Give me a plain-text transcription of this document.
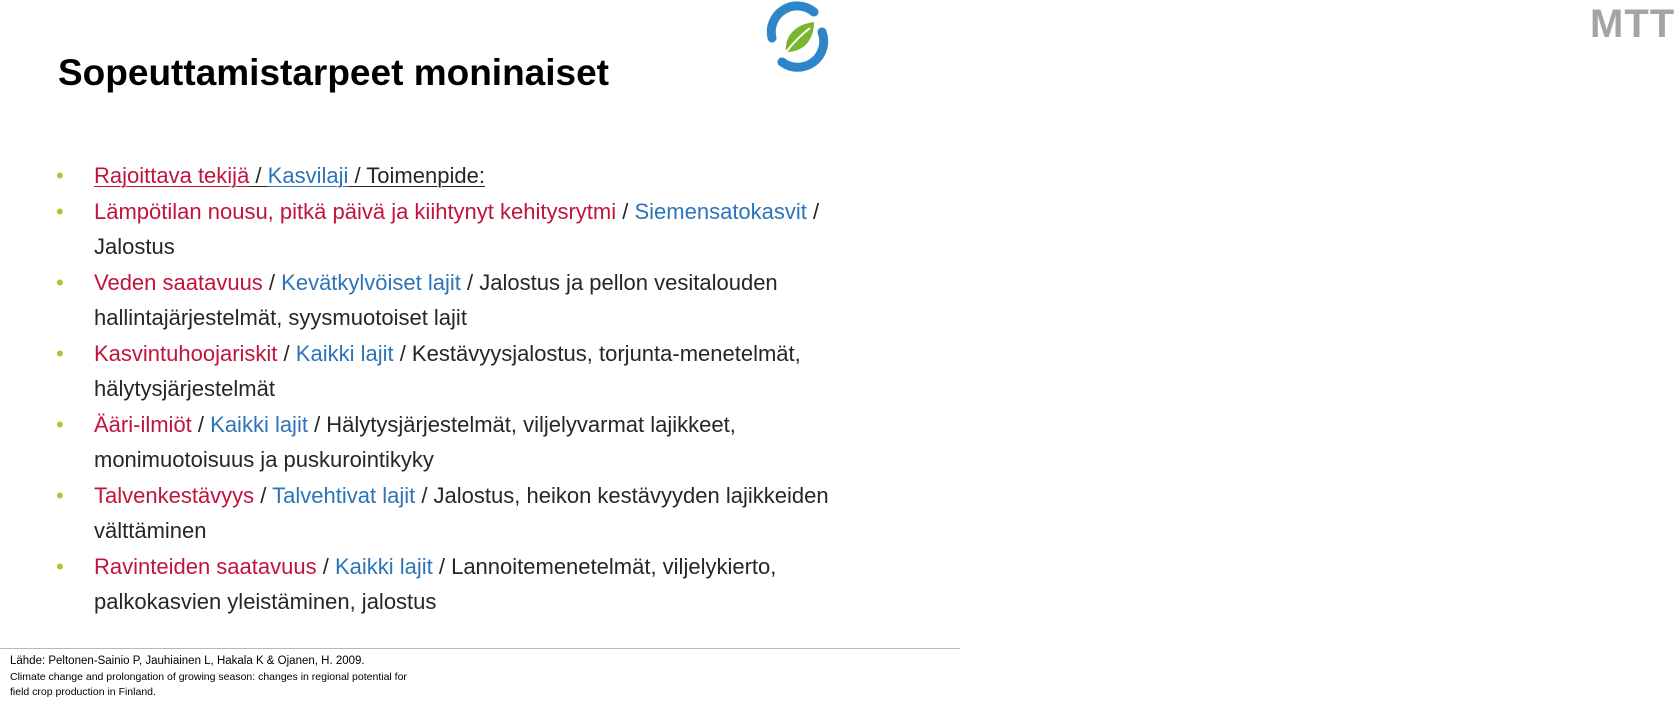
MTT
Sopeuttamistarpeet moninaiset
• Rajoittava tekijä / Kasvilaji / Toimenpide:
• Lämpötilan nousu, pitkä päivä ja kiihtynyt kehitysrytmi / Siemensatokasvit / Jalostus
• Veden saatavuus / Kevätkylvöiset lajit / Jalostus ja pellon vesitalouden hallintajärjestelmät, syysmuotoiset lajit
• Kasvintuhoojariskit / Kaikki lajit / Kestävyysjalostus, torjunta-menetelmät, hälytysjärjestelmät
• Ääri-ilmiöt / Kaikki lajit / Hälytysjärjestelmät, viljelyvarmat lajikkeet, monimuotoisuus ja puskurointikyky
• Talvenkestävyys / Talvehtivat lajit / Jalostus, heikon kestävyyden lajikkeiden välttäminen
• Ravinteiden saatavuus / Kaikki lajit / Lannoitemenetelmät, viljelykierto, palkokasvien yleistäminen, jalostus
Lähde: Peltonen-Sainio P, Jauhiainen L, Hakala K & Ojanen, H. 2009.
Climate change and prolongation of growing season: changes in regional potential for
field crop production in Finland.
